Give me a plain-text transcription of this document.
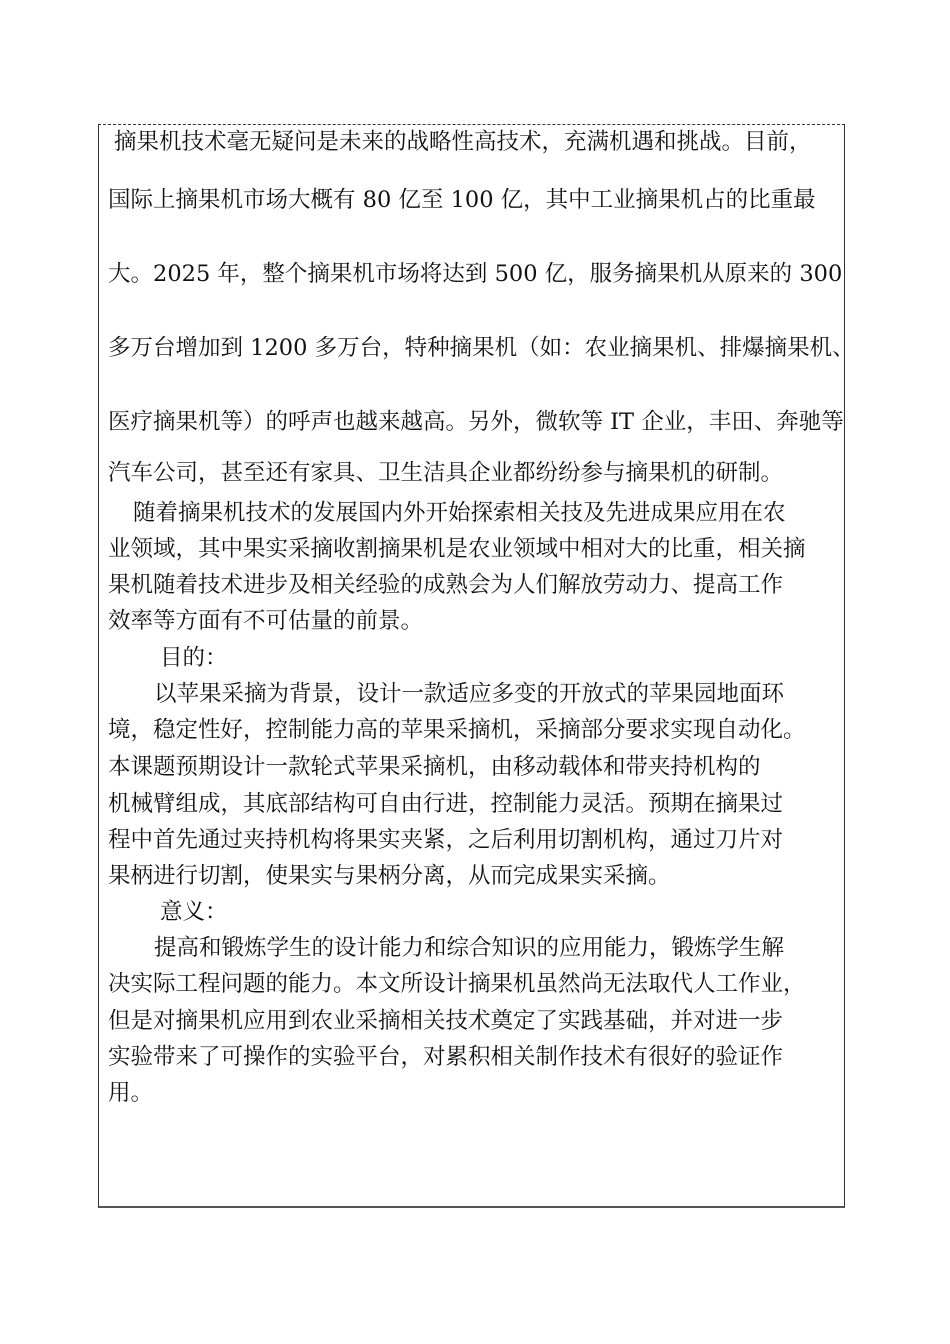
摘果机技术毫无疑问是未来的战略性高技术，充满机遇和挑战。目前，
国际上摘果机市场大概有 80 亿至 100 亿，其中工业摘果机占的比重最
大。2025 年，整个摘果机市场将达到 500 亿，服务摘果机从原来的 300
多万台增加到 1200 多万台，特种摘果机（如：农业摘果机、排爆摘果机、
医疗摘果机等）的呼声也越来越高。另外，微软等 IT 企业，丰田、奔驰等
汽车公司，甚至还有家具、卫生洁具企业都纷纷参与摘果机的研制。
随着摘果机技术的发展国内外开始探索相关技及先进成果应用在农
业领域，其中果实采摘收割摘果机是农业领域中相对大的比重，相关摘
果机随着技术进步及相关经验的成熟会为人们解放劳动力、提高工作
效率等方面有不可估量的前景。
目的：
以苹果采摘为背景，设计一款适应多变的开放式的苹果园地面环
境，稳定性好，控制能力高的苹果采摘机，采摘部分要求实现自动化。
本课题预期设计一款轮式苹果采摘机，由移动载体和带夹持机构的
机械臂组成，其底部结构可自由行进，控制能力灵活。预期在摘果过
程中首先通过夹持机构将果实夹紧，之后利用切割机构，通过刀片对
果柄进行切割，使果实与果柄分离，从而完成果实采摘。
意义：
提高和锻炼学生的设计能力和综合知识的应用能力，锻炼学生解
决实际工程问题的能力。本文所设计摘果机虽然尚无法取代人工作业，
但是对摘果机应用到农业采摘相关技术奠定了实践基础，并对进一步
实验带来了可操作的实验平台，对累积相关制作技术有很好的验证作
用。
